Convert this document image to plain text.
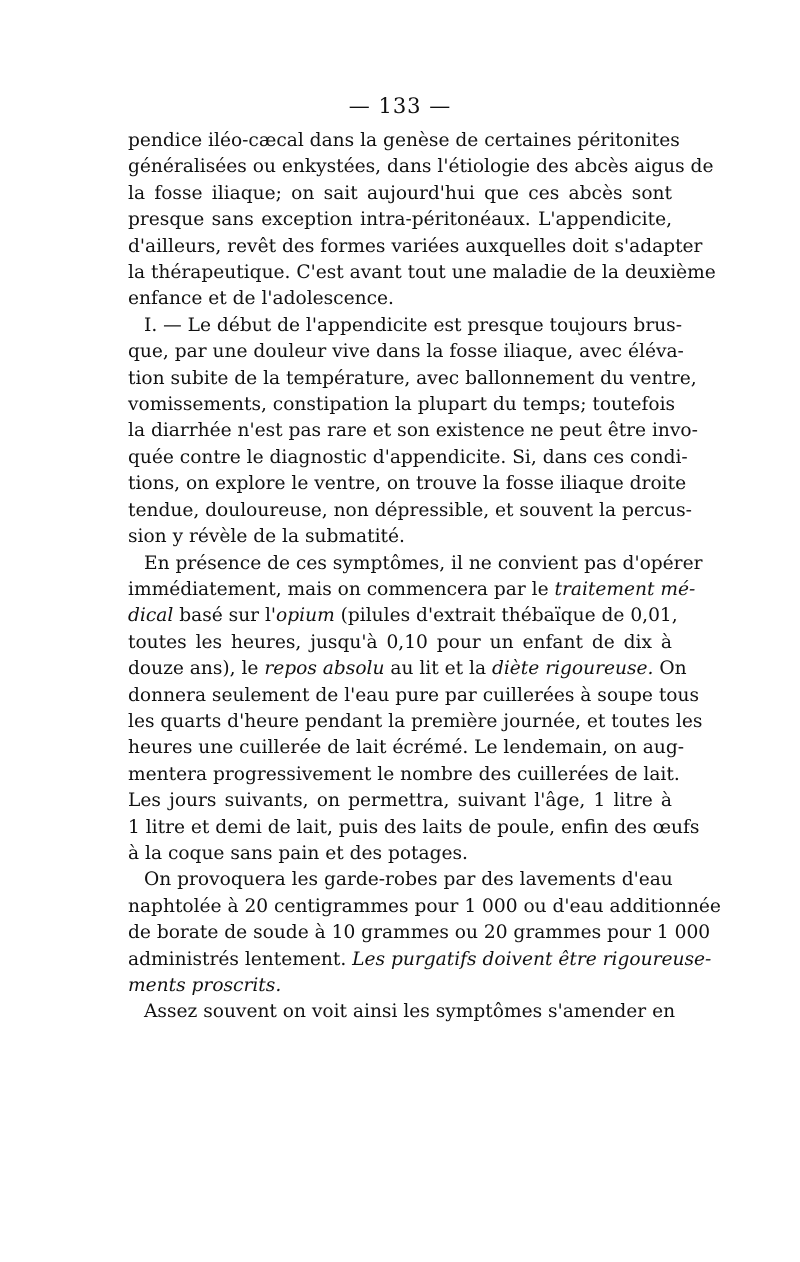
— 133 —

pendice iléo-cæcal dans la genèse de certaines péritonites
généralisées ou enkystées, dans l'étiologie des abcès aigus de
la fosse iliaque; on sait aujourd'hui que ces abcès sont
presque sans exception intra-péritonéaux. L'appendicite,
d'ailleurs, revêt des formes variées auxquelles doit s'adapter
la thérapeutique. C'est avant tout une maladie de la deuxième
enfance et de l'adolescence.

I. — Le début de l'appendicite est presque toujours brus-
que, par une douleur vive dans la fosse iliaque, avec éléva-
tion subite de la température, avec ballonnement du ventre,
vomissements, constipation la plupart du temps; toutefois
la diarrhée n'est pas rare et son existence ne peut être invo-
quée contre le diagnostic d'appendicite. Si, dans ces condi-
tions, on explore le ventre, on trouve la fosse iliaque droite
tendue, douloureuse, non dépressible, et souvent la percus-
sion y révèle de la submatité.

En présence de ces symptômes, il ne convient pas d'opérer
immédiatement, mais on commencera par le traitement mé-
dical basé sur l'opium (pilules d'extrait thébaïque de 0,01,
toutes les heures, jusqu'à 0,10 pour un enfant de dix à
douze ans), le repos absolu au lit et la diète rigoureuse. On
donnera seulement de l'eau pure par cuillerées à soupe tous
les quarts d'heure pendant la première journée, et toutes les
heures une cuillerée de lait écrémé. Le lendemain, on aug-
mentera progressivement le nombre des cuillerées de lait.
Les jours suivants, on permettra, suivant l'âge, 1 litre à
1 litre et demi de lait, puis des laits de poule, enfin des œufs
à la coque sans pain et des potages.

On provoquera les garde-robes par des lavements d'eau
naphtolée à 20 centigrammes pour 1 000 ou d'eau additionnée
de borate de soude à 10 grammes ou 20 grammes pour 1 000
administrés lentement. Les purgatifs doivent être rigoureuse-
ments proscrits.

Assez souvent on voit ainsi les symptômes s'amender en
